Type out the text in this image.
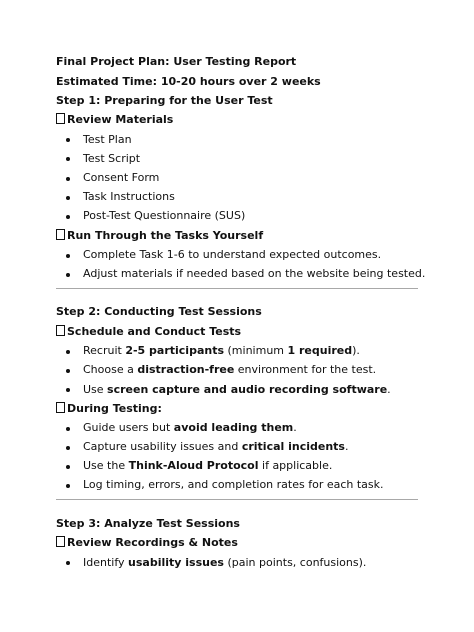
Final Project Plan: User Testing Report
Estimated Time: 10-20 hours over 2 weeks
Step 1: Preparing for the User Test
Review Materials
Test Plan
Test Script
Consent Form
Task Instructions
Post-Test Questionnaire (SUS)
Run Through the Tasks Yourself
Complete Task 1-6 to understand expected outcomes.
Adjust materials if needed based on the website being tested.
Step 2: Conducting Test Sessions
Schedule and Conduct Tests
Recruit 2-5 participants (minimum 1 required).
Choose a distraction-free environment for the test.
Use screen capture and audio recording software.
During Testing:
Guide users but avoid leading them.
Capture usability issues and critical incidents.
Use the Think-Aloud Protocol if applicable.
Log timing, errors, and completion rates for each task.
Step 3: Analyze Test Sessions
Review Recordings & Notes
Identify usability issues (pain points, confusions).
